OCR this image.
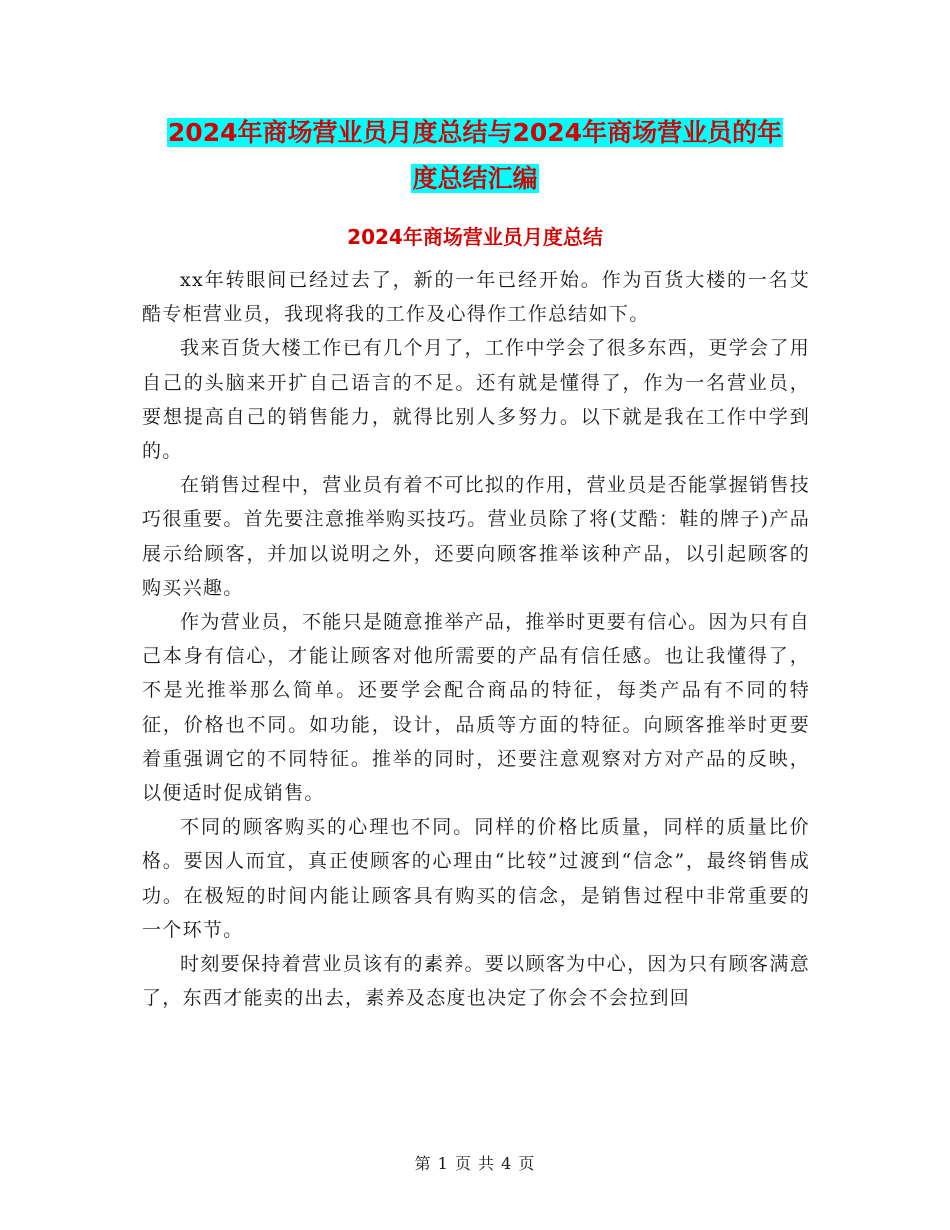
2024年商场营业员月度总结与2024年商场营业员的年
度总结汇编
2024年商场营业员月度总结

xx年转眼间已经过去了，新的一年已经开始。作为百货大楼的一名艾酷专柜营业员，我现将我的工作及心得作工作总结如下。

我来百货大楼工作已有几个月了，工作中学会了很多东西，更学会了用自己的头脑来开扩自己语言的不足。还有就是懂得了，作为一名营业员，要想提高自己的销售能力，就得比别人多努力。以下就是我在工作中学到的。

在销售过程中，营业员有着不可比拟的作用，营业员是否能掌握销售技巧很重要。首先要注意推举购买技巧。营业员除了将(艾酷：鞋的牌子)产品展示给顾客，并加以说明之外，还要向顾客推举该种产品，以引起顾客的购买兴趣。

作为营业员，不能只是随意推举产品，推举时更要有信心。因为只有自己本身有信心，才能让顾客对他所需要的产品有信任感。也让我懂得了，不是光推举那么简单。还要学会配合商品的特征，每类产品有不同的特征，价格也不同。如功能，设计，品质等方面的特征。向顾客推举时更要着重强调它的不同特征。推举的同时，还要注意观察对方对产品的反映，以便适时促成销售。

不同的顾客购买的心理也不同。同样的价格比质量，同样的质量比价格。要因人而宜，真正使顾客的心理由“比较”过渡到“信念”，最终销售成功。在极短的时间内能让顾客具有购买的信念，是销售过程中非常重要的一个环节。

时刻要保持着营业员该有的素养。要以顾客为中心，因为只有顾客满意了，东西才能卖的出去，素养及态度也决定了你会不会拉到回

第 1 页 共 4 页
